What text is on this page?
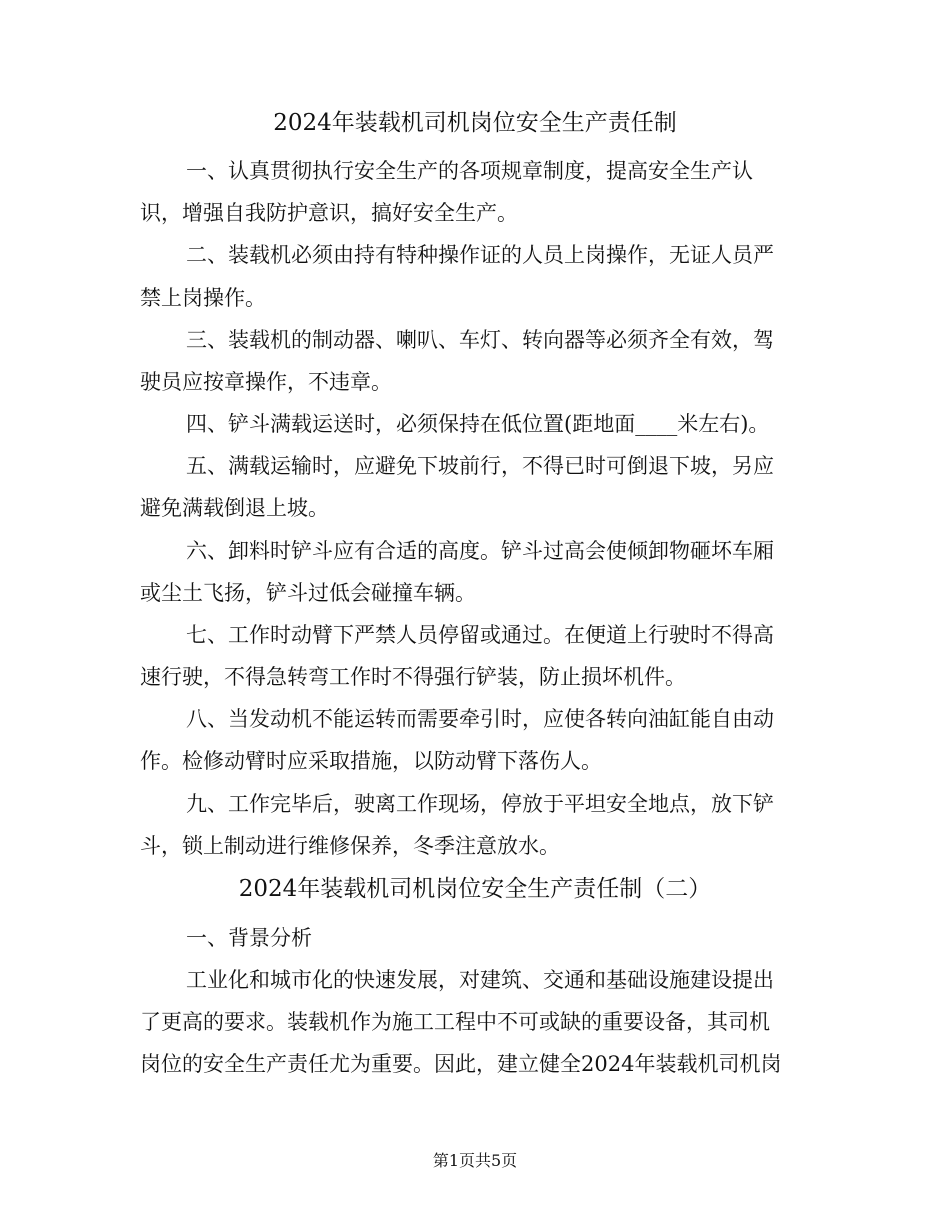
2024年装载机司机岗位安全生产责任制
一、认真贯彻执行安全生产的各项规章制度，提高安全生产认
识，增强自我防护意识，搞好安全生产。
二、装载机必须由持有特种操作证的人员上岗操作，无证人员严
禁上岗操作。
三、装载机的制动器、喇叭、车灯、转向器等必须齐全有效，驾
驶员应按章操作，不违章。
四、铲斗满载运送时，必须保持在低位置(距地面____米左右)。
五、满载运输时，应避免下坡前行，不得已时可倒退下坡，另应
避免满载倒退上坡。
六、卸料时铲斗应有合适的高度。铲斗过高会使倾卸物砸坏车厢
或尘土飞扬，铲斗过低会碰撞车辆。
七、工作时动臂下严禁人员停留或通过。在便道上行驶时不得高
速行驶，不得急转弯工作时不得强行铲装，防止损坏机件。
八、当发动机不能运转而需要牵引时，应使各转向油缸能自由动
作。检修动臂时应采取措施，以防动臂下落伤人。
九、工作完毕后，驶离工作现场，停放于平坦安全地点，放下铲
斗，锁上制动进行维修保养，冬季注意放水。
2024年装载机司机岗位安全生产责任制（二）
一、背景分析
工业化和城市化的快速发展，对建筑、交通和基础设施建设提出
了更高的要求。装载机作为施工工程中不可或缺的重要设备，其司机
岗位的安全生产责任尤为重要。因此，建立健全2024年装载机司机岗
第1页共5页
